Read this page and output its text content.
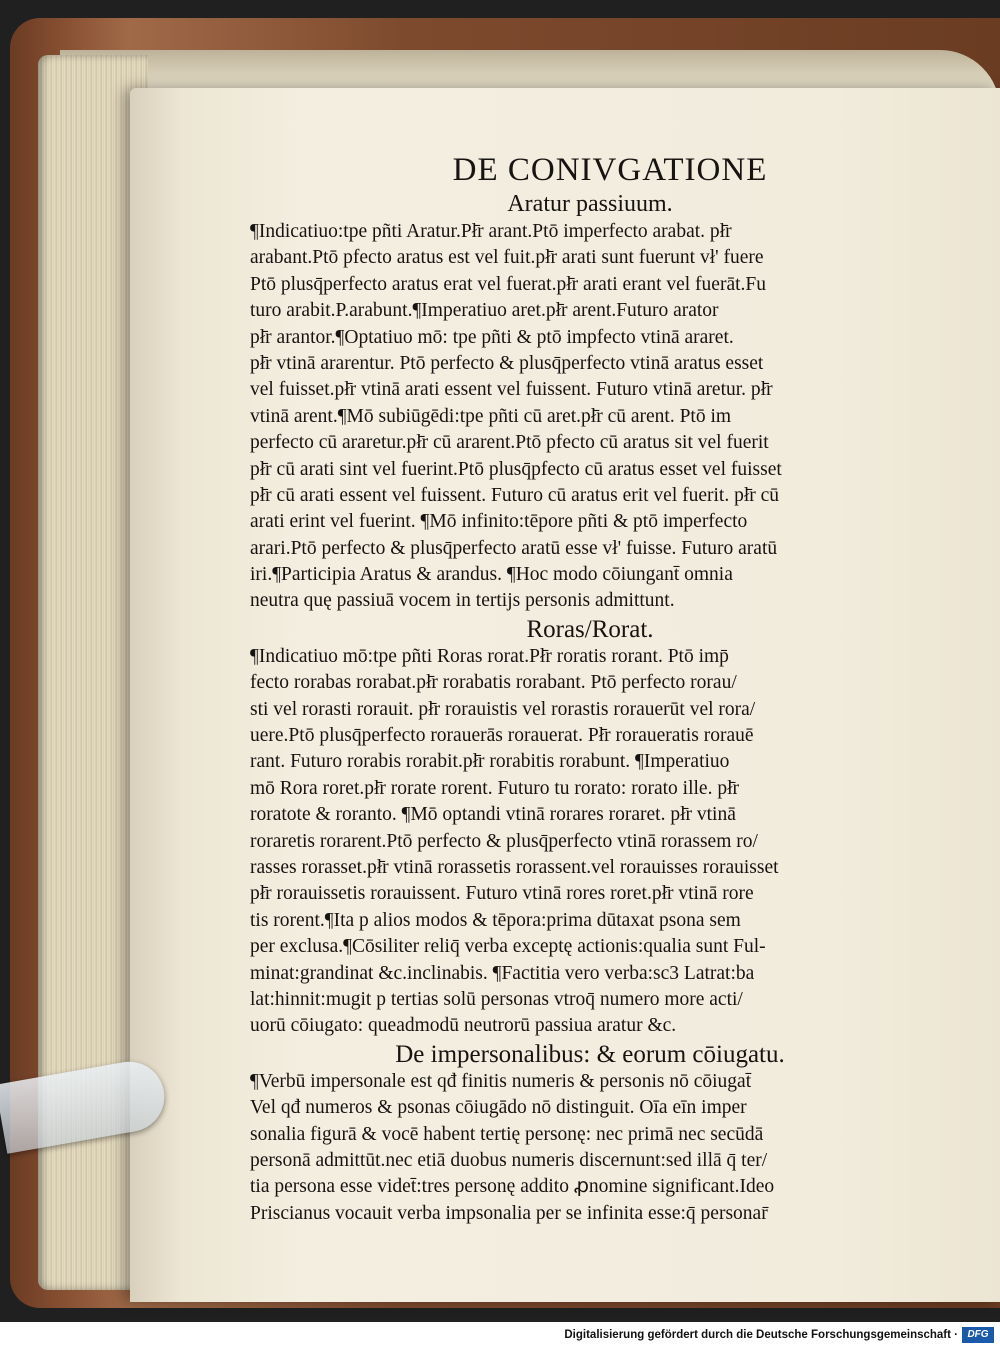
DE CONIVGATIONE
Aratur passiuum.
¶Indicatiuo:tpe pñti Aratur.Pł̄r arant.Ptō imperfecto arabat. pł̄r
arabant.Ptō pfecto aratus est vel fuit.pł̄r arati sunt fuerunt vł' fuere
Ptō plusq̄perfecto aratus erat vel fuerat.pł̄r arati erant vel fuerāt.Fu
turo arabit.P.arabunt.¶Imperatiuo aret.pł̄r arent.Futuro arator
pł̄r arantor.¶Optatiuo mō: tpe pñti & ptō impfecto vtinā araret.
pł̄r vtinā ararentur. Ptō perfecto & plusq̄perfecto vtinā aratus esset
vel fuisset.pł̄r vtinā arati essent vel fuissent. Futuro vtinā aretur. pł̄r
vtinā arent.¶Mō subiūgēdi:tpe pñti cū aret.pł̄r cū arent. Ptō im
perfecto cū araretur.pł̄r cū ararent.Ptō pfecto cū aratus sit vel fuerit
pł̄r cū arati sint vel fuerint.Ptō plusq̄pfecto cū aratus esset vel fuisset
pł̄r cū arati essent vel fuissent. Futuro cū aratus erit vel fuerit. pł̄r cū
arati erint vel fuerint. ¶Mō infinito:tēpore pñti & ptō imperfecto
arari.Ptō perfecto & plusq̄perfecto aratū esse vł' fuisse. Futuro aratū
iri.¶Participia Aratus & arandus. ¶Hoc modo cōiungant̄ omnia
neutra quę passiuā vocem in tertijs personis admittunt.
Roras/Rorat.
¶Indicatiuo mō:tpe pñti Roras rorat.Pł̄r roratis rorant. Ptō imp̄
fecto rorabas rorabat.pł̄r rorabatis rorabant. Ptō perfecto rorau/
sti vel rorasti rorauit. pł̄r rorauistis vel rorastis rorauerūt vel rora/
uere.Ptō plusq̄perfecto rorauerās rorauerat. Pł̄r roraueratis rorauē
rant. Futuro rorabis rorabit.pł̄r rorabitis rorabunt. ¶Imperatiuo
mō Rora roret.pł̄r rorate rorent. Futuro tu rorato: rorato ille. pł̄r
roratote & roranto. ¶Mō optandi vtinā rorares roraret. pł̄r vtinā
roraretis rorarent.Ptō perfecto & plusq̄perfecto vtinā rorassem ro/
rasses rorasset.pł̄r vtinā rorassetis rorassent.vel rorauisses rorauisset
pł̄r rorauissetis rorauissent. Futuro vtinā rores roret.pł̄r vtinā rore
tis rorent.¶Ita p alios modos & tēpora:prima dūtaxat psona sem
per exclusa.¶Cōsiliter reliq̄ verba exceptę actionis:qualia sunt Ful-
minat:grandinat &c.inclinabis. ¶Factitia vero verba:sc3 Latrat:ba
lat:hinnit:mugit p tertias solū personas vtroq̄ numero more acti/
uorū cōiugato: queadmodū neutrorū passiua aratur &c.
De impersonalibus: & eorum cōiugatu.
¶Verbū impersonale est qđ finitis numeris & personis nō cōiugat̄
Vel qđ numeros & psonas cōiugādo nō distinguit. Oīa eīn imper
sonalia figurā & vocē habent tertię personę: nec primā nec secūdā
personā admittūt.nec etiā duobus numeris discernunt:sed illā q̄ ter/
tia persona esse videt̄:tres personę addito ꝓnomine significant.Ideo
Priscianus vocauit verba impsonalia per se infinita esse:q̄ personar̄
Digitalisierung gefördert durch die Deutsche Forschungsgemeinschaft · DFG
